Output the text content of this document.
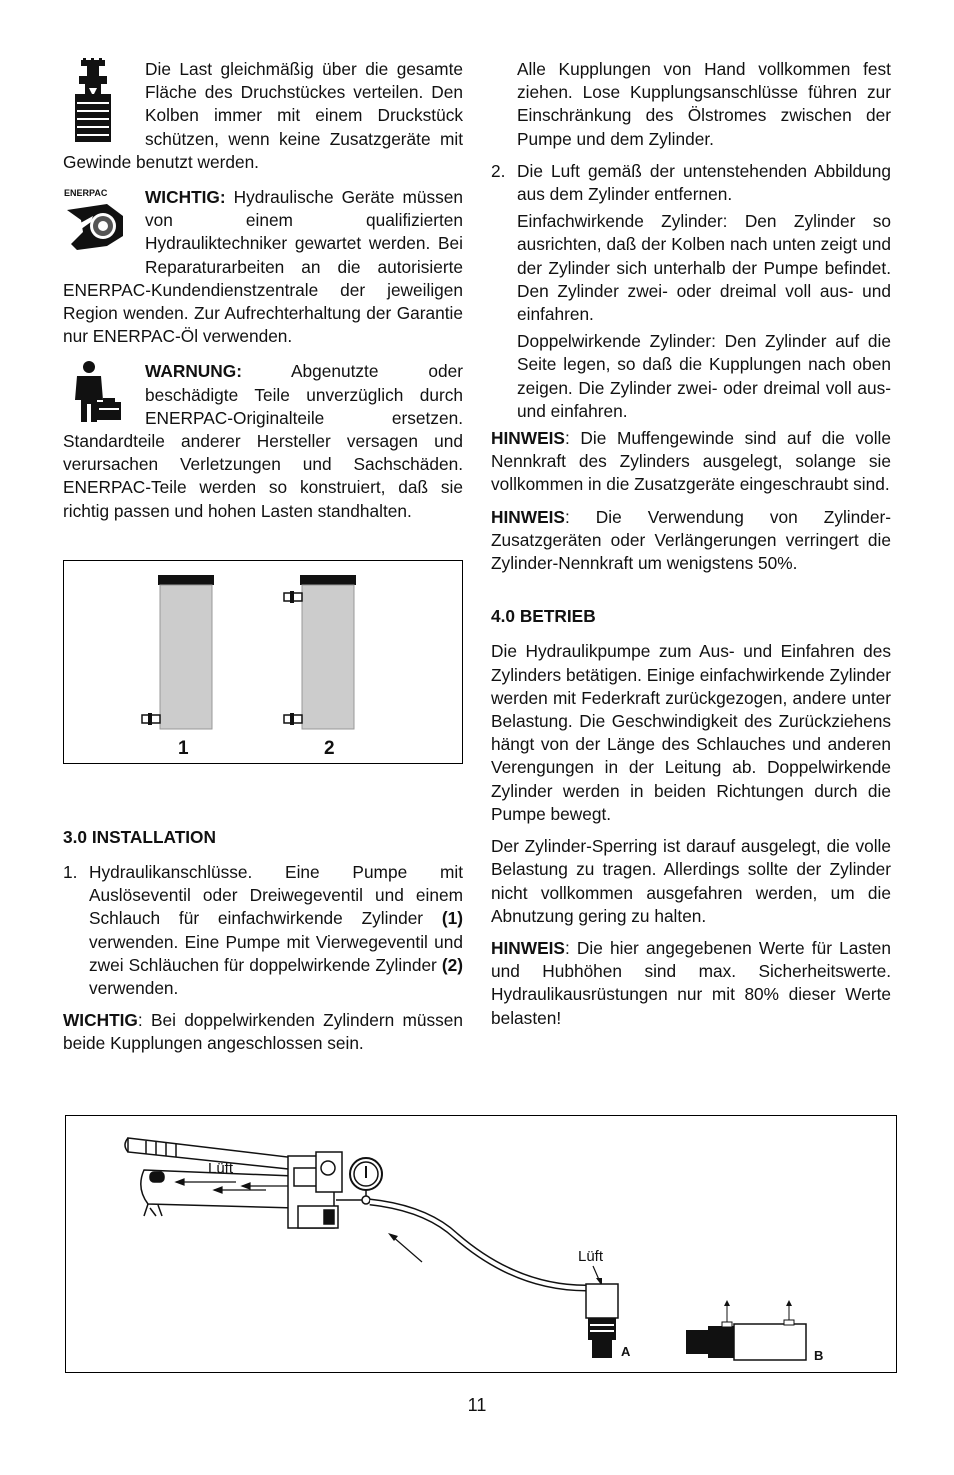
Die Last gleichmäßig über die gesamte Fläche des Druchstückes verteilen. Den Kolben immer mit einem Druckstück schützen, wenn keine Zusatzgeräte mit Gewinde benutzt werden.

ENERPAC WICHTIG: Hydraulische Geräte müssen von einem qualifizierten Hydrauliktechniker gewartet werden. Bei Reparaturarbeiten an die autorisierte ENERPAC-Kundendienstzentrale der jeweiligen Region wenden. Zur Aufrechterhaltung der Garantie nur ENERPAC-Öl verwenden.

WARNUNG: Abgenutzte oder beschädigte Teile unverzüglich durch ENERPAC-Originalteile ersetzen. Standardteile anderer Hersteller versagen und verursachen Verletzungen und Sachschäden. ENERPAC-Teile werden so konstruiert, daß sie richtig passen und hohen Lasten standhalten.

1	2
3.0 INSTALLATION
1. Hydraulikanschlüsse. Eine Pumpe mit Auslöseventil oder Dreiwegeventil und einem Schlauch für einfachwirkende Zylinder (1) verwenden. Eine Pumpe mit Vierwegeventil und zwei Schläuchen für doppelwirkende Zylinder (2) verwenden.

WICHTIG: Bei doppelwirkenden Zylindern müssen beide Kupplungen angeschlossen sein.

Alle Kupplungen von Hand vollkommen fest ziehen. Lose Kupplungsanschlüsse führen zur Einschränkung des Ölstromes zwischen der Pumpe und dem Zylinder.

2. Die Luft gemäß der untenstehenden Abbildung aus dem Zylinder entfernen.

Einfachwirkende Zylinder: Den Zylinder so ausrichten, daß der Kolben nach unten zeigt und der Zylinder sich unterhalb der Pumpe befindet. Den Zylinder zwei- oder dreimal voll aus- und einfahren.

Doppelwirkende Zylinder: Den Zylinder auf die Seite legen, so daß die Kupplungen nach oben zeigen. Die Zylinder zwei- oder dreimal voll aus- und einfahren.

HINWEIS: Die Muffengewinde sind auf die volle Nennkraft des Zylinders ausgelegt, solange sie vollkommen in die Zusatzgeräte eingeschraubt sind.

HINWEIS: Die Verwendung von Zylinder-Zusatzgeräten oder Verlängerungen verringert die Zylinder-Nennkraft um wenigstens 50%.

4.0 BETRIEB

Die Hydraulikpumpe zum Aus- und Einfahren des Zylinders betätigen. Einige einfachwirkende Zylinder werden mit Federkraft zurückgezogen, andere unter Belastung. Die Geschwindigkeit des Zurückziehens hängt von der Länge des Schlauches und anderen Verengungen in der Leitung ab. Doppelwirkende Zylinder werden in beiden Richtungen durch die Pumpe bewegt.

Der Zylinder-Sperring ist darauf ausgelegt, die volle Belastung zu tragen. Allerdings sollte der Zylinder nicht vollkommen ausgefahren werden, um die Abnutzung gering zu halten.

HINWEIS: Die hier angegebenen Werte für Lasten und Hubhöhen sind max. Sicherheitswerte. Hydraulikausrüstungen nur mit 80% dieser Werte belasten!

Lüft
Lüft
A	B
11
